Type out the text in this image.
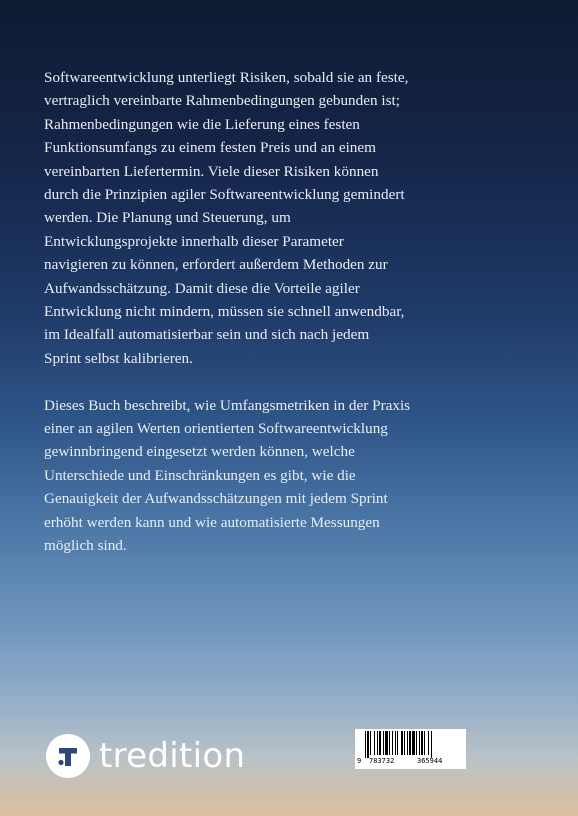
Softwareentwicklung unterliegt Risiken, sobald sie an feste,
vertraglich vereinbarte Rahmenbedingungen gebunden ist;
Rahmenbedingungen wie die Lieferung eines festen
Funktionsumfangs zu einem festen Preis und an einem
vereinbarten Liefertermin. Viele dieser Risiken können
durch die Prinzipien agiler Softwareentwicklung gemindert
werden. Die Planung und Steuerung, um
Entwicklungsprojekte innerhalb dieser Parameter
navigieren zu können, erfordert außerdem Methoden zur
Aufwandsschätzung. Damit diese die Vorteile agiler
Entwicklung nicht mindern, müssen sie schnell anwendbar,
im Idealfall automatisierbar sein und sich nach jedem
Sprint selbst kalibrieren.

Dieses Buch beschreibt, wie Umfangsmetriken in der Praxis
einer an agilen Werten orientierten Softwareentwicklung
gewinnbringend eingesetzt werden können, welche
Unterschiede und Einschränkungen es gibt, wie die
Genauigkeit der Aufwandsschätzungen mit jedem Sprint
erhöht werden kann und wie automatisierte Messungen
möglich sind.

tredition	9 783732	365944
